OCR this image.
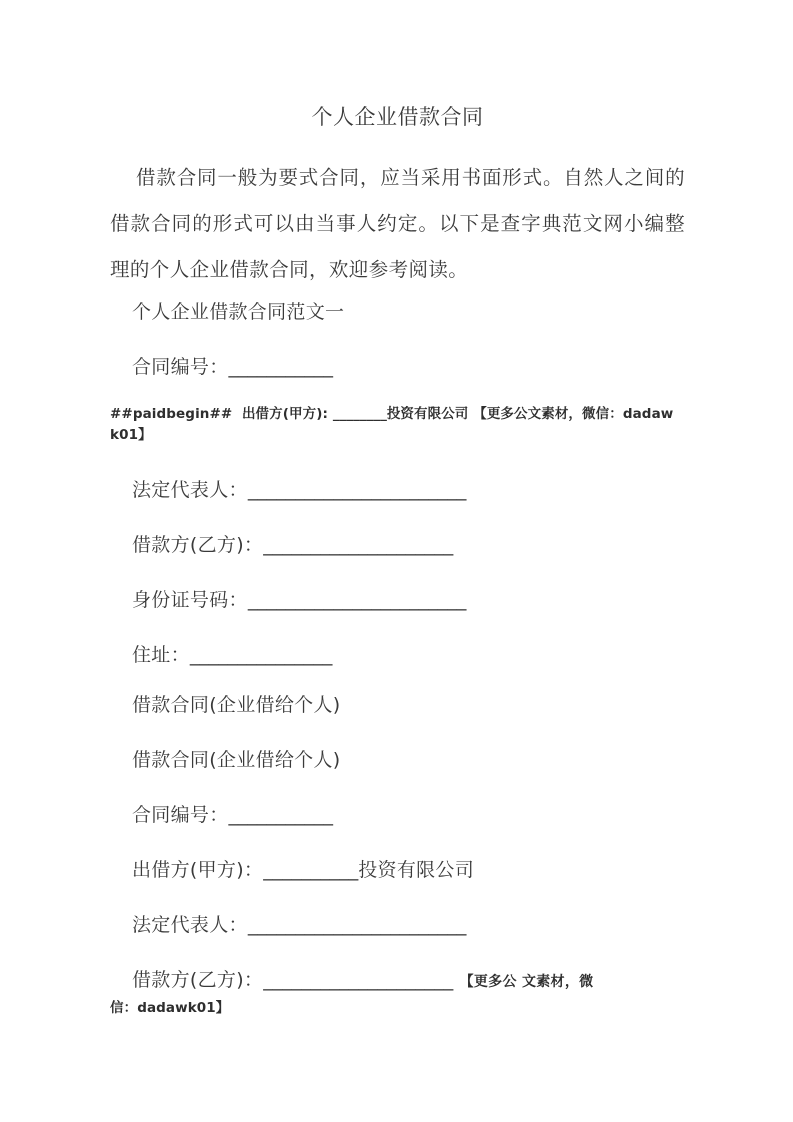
个人企业借款合同

借款合同一般为要式合同，应当采用书面形式。自然人之间的借款合同的形式可以由当事人约定。以下是查字典范文网小编整理的个人企业借款合同，欢迎参考阅读。

个人企业借款合同范文一
合同编号：___________
##paidbegin## 出借方(甲方): ________投资有限公司 【更多公文素材，微信：dadawk01】
法定代表人：_______________________
借款方(乙方)：____________________
身份证号码：_______________________
住址：_______________
借款合同(企业借给个人)
借款合同(企业借给个人)
合同编号：___________
出借方(甲方)：__________投资有限公司
法定代表人：_______________________
借款方(乙方)：____________________ 【更多公 文素材，微
信：dadawk01】
